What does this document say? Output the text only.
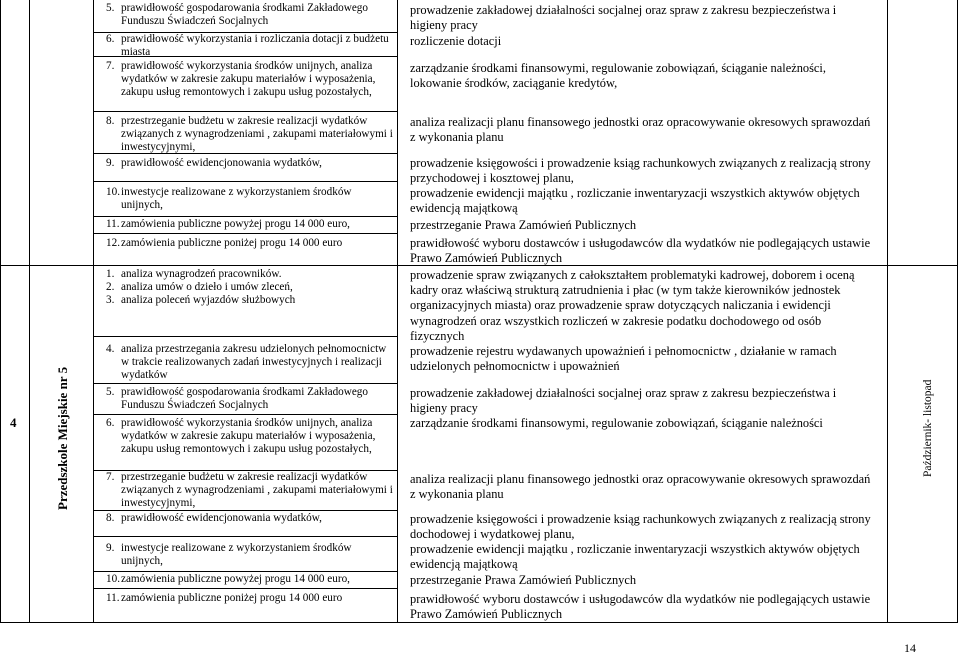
4	Przedszkole Miejskie nr 5	Październik- listopad
5. prawidłowość gospodarowania środkami Zakładowego Funduszu Świadczeń Socjalnych
6. prawidłowość wykorzystania i rozliczania dotacji z budżetu miasta
7. prawidłowość wykorzystania środków unijnych, analiza wydatków w zakresie zakupu materiałów i wyposażenia, zakupu usług remontowych i zakupu usług pozostałych,
8. przestrzeganie budżetu w zakresie realizacji wydatków związanych z wynagrodzeniami , zakupami materiałowymi i inwestycyjnymi,
9. prawidłowość ewidencjonowania wydatków,
10. inwestycje realizowane z wykorzystaniem środków unijnych,
11. zamówienia publiczne powyżej progu 14 000 euro,
12. zamówienia publiczne poniżej progu 14 000 euro
prowadzenie zakładowej działalności socjalnej oraz spraw z zakresu bezpieczeństwa i higieny pracy
rozliczenie dotacji
zarządzanie środkami finansowymi, regulowanie zobowiązań, ściąganie należności, lokowanie środków, zaciąganie kredytów,
analiza realizacji planu finansowego jednostki oraz opracowywanie okresowych sprawozdań z wykonania planu
prowadzenie księgowości i prowadzenie ksiąg rachunkowych związanych z realizacją strony przychodowej i kosztowej planu,
prowadzenie ewidencji majątku , rozliczanie inwentaryzacji wszystkich aktywów objętych ewidencją majątkową
przestrzeganie Prawa Zamówień Publicznych
prawidłowość wyboru dostawców i usługodawców dla wydatków nie podlegających ustawie Prawo Zamówień Publicznych
1. analiza wynagrodzeń pracowników.
2. analiza umów o dzieło i umów zleceń,
3. analiza poleceń wyjazdów służbowych
4. analiza przestrzegania zakresu udzielonych pełnomocnictw w trakcie realizowanych zadań inwestycyjnych i realizacji wydatków
5. prawidłowość gospodarowania środkami Zakładowego Funduszu Świadczeń Socjalnych
6. prawidłowość wykorzystania środków unijnych, analiza wydatków w zakresie zakupu materiałów i wyposażenia, zakupu usług remontowych i zakupu usług pozostałych,
7. przestrzeganie budżetu w zakresie realizacji wydatków związanych z wynagrodzeniami , zakupami materiałowymi i inwestycyjnymi,
8. prawidłowość ewidencjonowania wydatków,
9. inwestycje realizowane z wykorzystaniem środków unijnych,
10. zamówienia publiczne powyżej progu 14 000 euro,
11. zamówienia publiczne poniżej progu 14 000 euro
prowadzenie spraw związanych z całokształtem problematyki kadrowej, doborem i oceną kadry oraz właściwą strukturą zatrudnienia i płac (w tym także kierowników jednostek organizacyjnych miasta) oraz prowadzenie spraw dotyczących naliczania i ewidencji wynagrodzeń oraz wszystkich rozliczeń w zakresie podatku dochodowego od osób fizycznych
prowadzenie rejestru wydawanych upoważnień i pełnomocnictw , działanie w ramach udzielonych pełnomocnictw i upoważnień
prowadzenie zakładowej działalności socjalnej oraz spraw z zakresu bezpieczeństwa i higieny pracy
zarządzanie środkami finansowymi, regulowanie zobowiązań, ściąganie należności
analiza realizacji planu finansowego jednostki oraz opracowywanie okresowych sprawozdań z wykonania planu
prowadzenie księgowości i prowadzenie ksiąg rachunkowych związanych z realizacją strony dochodowej i wydatkowej planu,
prowadzenie ewidencji majątku , rozliczanie inwentaryzacji wszystkich aktywów objętych ewidencją majątkową
przestrzeganie Prawa Zamówień Publicznych
prawidłowość wyboru dostawców i usługodawców dla wydatków nie podlegających ustawie Prawo Zamówień Publicznych
14
